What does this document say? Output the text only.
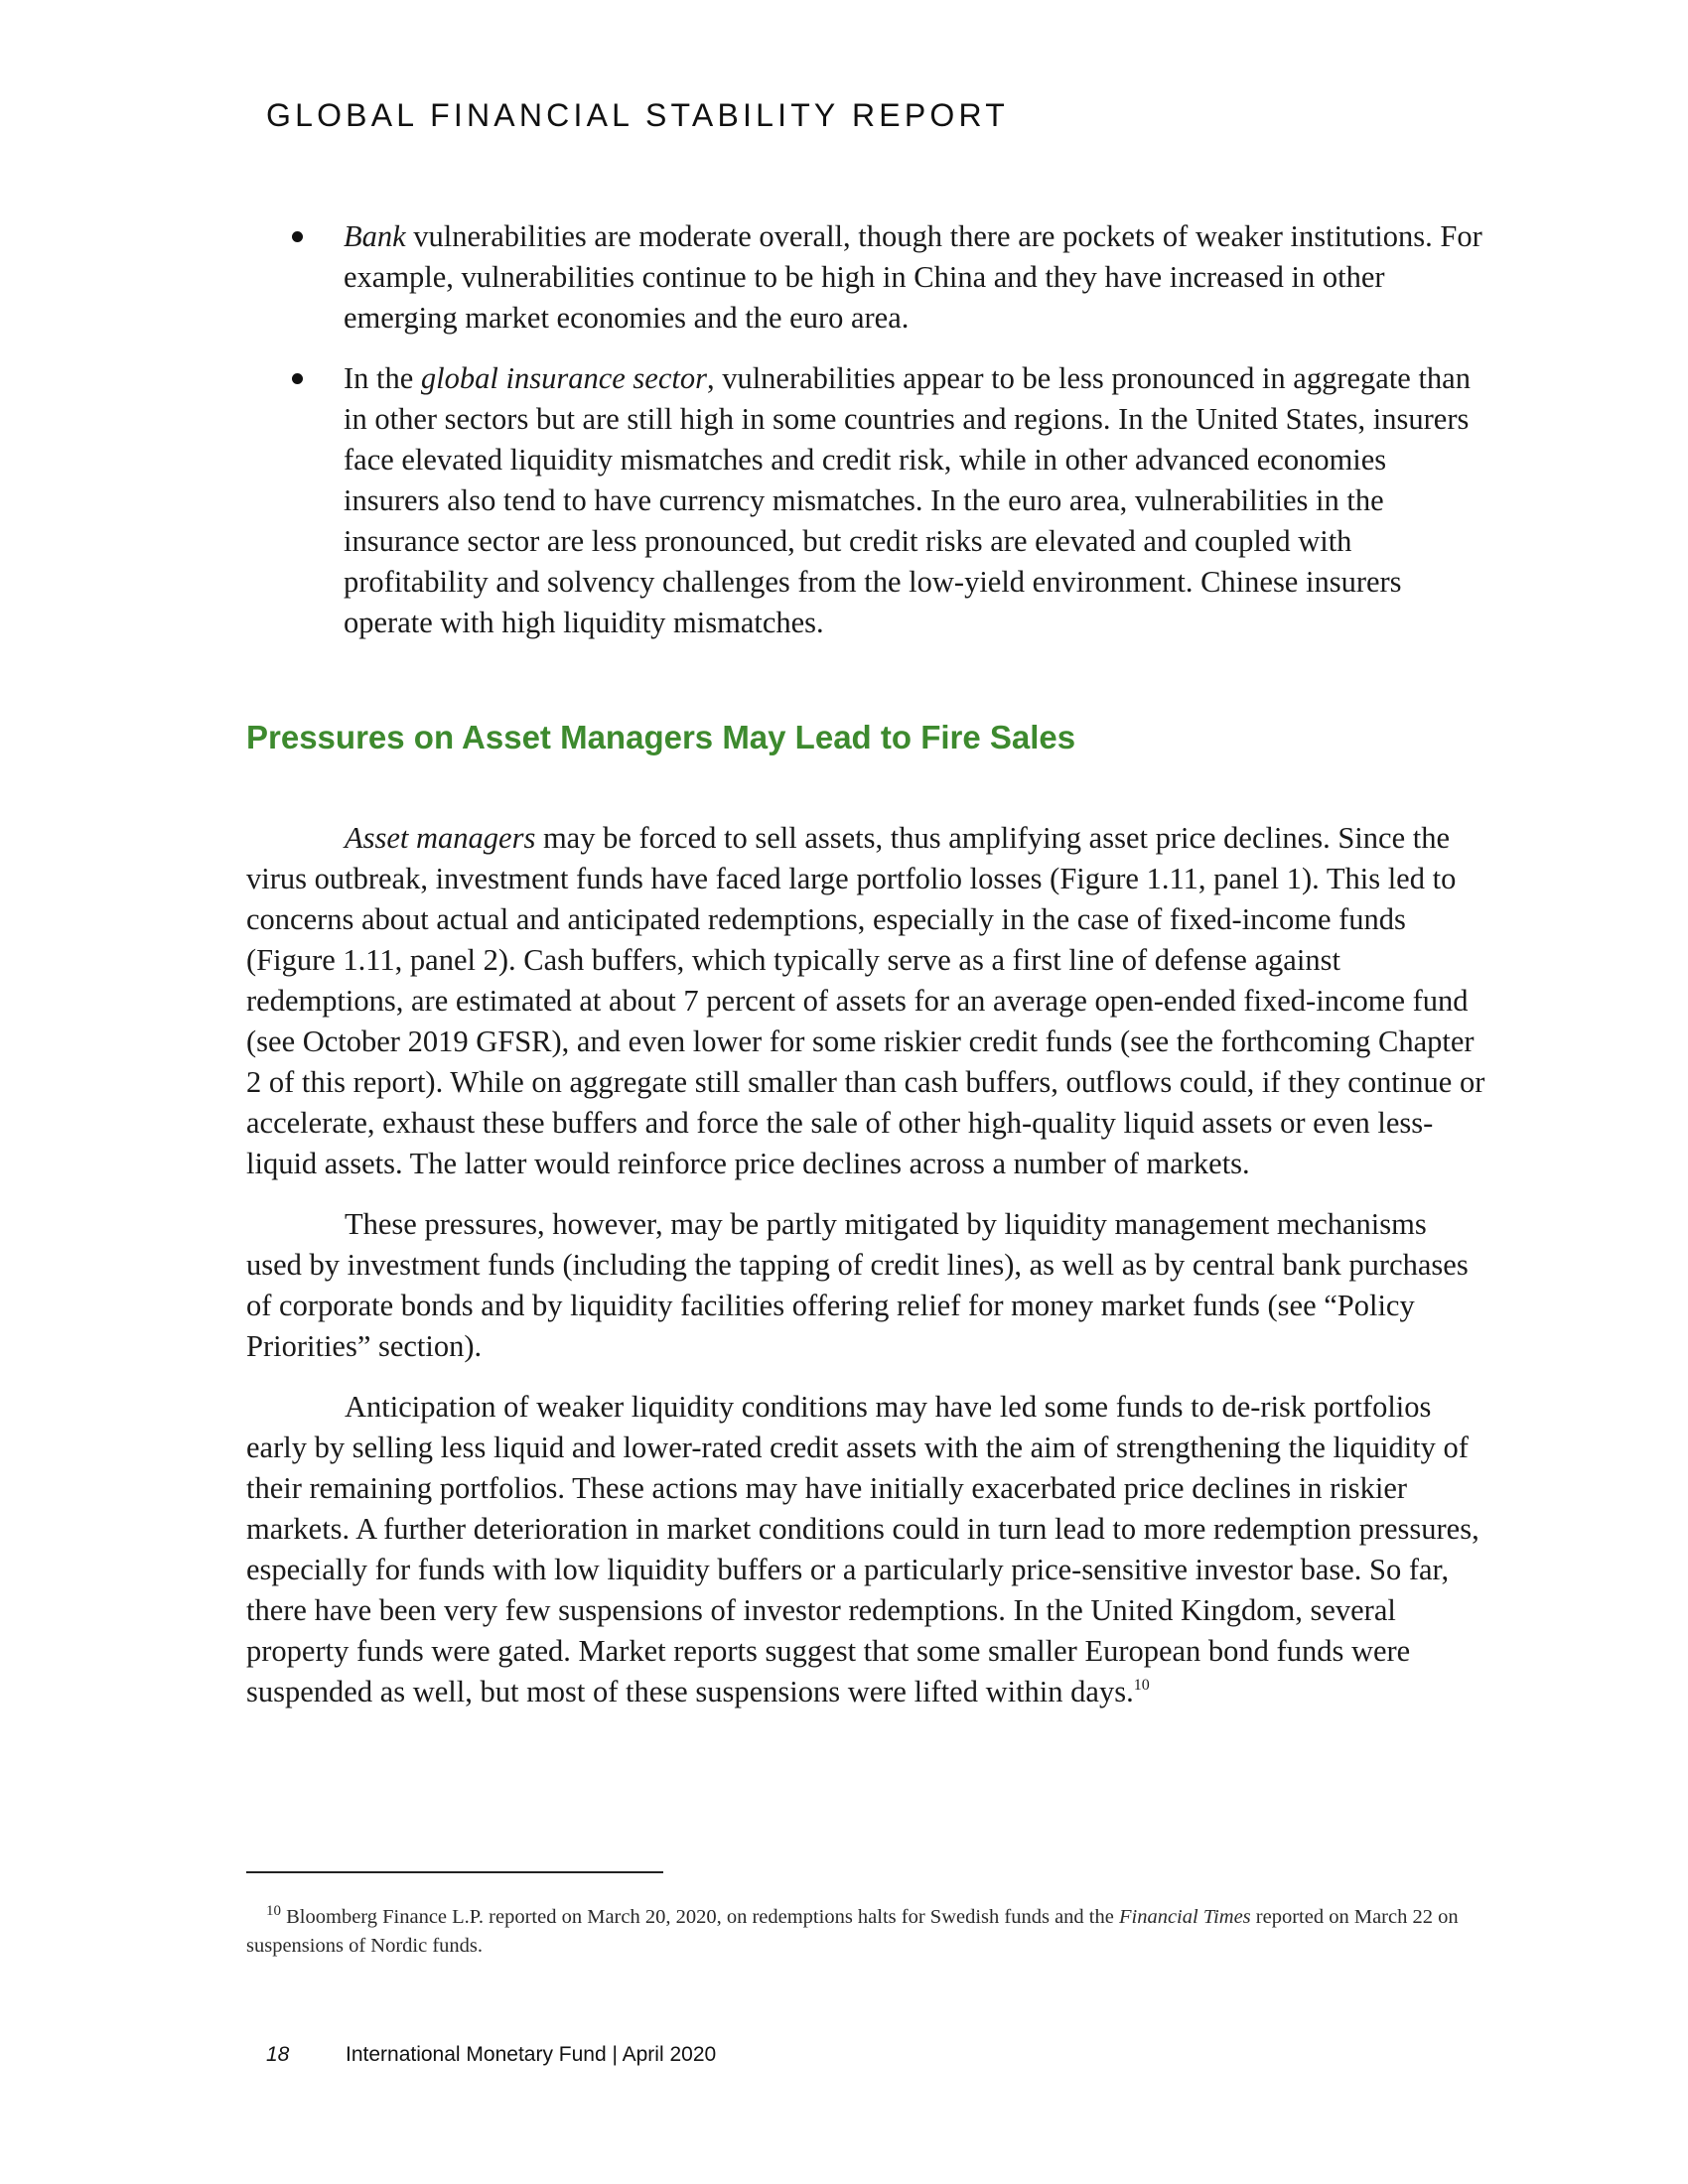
GLOBAL FINANCIAL STABILITY REPORT
Bank vulnerabilities are moderate overall, though there are pockets of weaker institutions. For example, vulnerabilities continue to be high in China and they have increased in other emerging market economies and the euro area.
In the global insurance sector, vulnerabilities appear to be less pronounced in aggregate than in other sectors but are still high in some countries and regions. In the United States, insurers face elevated liquidity mismatches and credit risk, while in other advanced economies insurers also tend to have currency mismatches. In the euro area, vulnerabilities in the insurance sector are less pronounced, but credit risks are elevated and coupled with profitability and solvency challenges from the low-yield environment. Chinese insurers operate with high liquidity mismatches.
Pressures on Asset Managers May Lead to Fire Sales

Asset managers may be forced to sell assets, thus amplifying asset price declines. Since the virus outbreak, investment funds have faced large portfolio losses (Figure 1.11, panel 1). This led to concerns about actual and anticipated redemptions, especially in the case of fixed-income funds (Figure 1.11, panel 2). Cash buffers, which typically serve as a first line of defense against redemptions, are estimated at about 7 percent of assets for an average open-ended fixed-income fund (see October 2019 GFSR), and even lower for some riskier credit funds (see the forthcoming Chapter 2 of this report). While on aggregate still smaller than cash buffers, outflows could, if they continue or accelerate, exhaust these buffers and force the sale of other high-quality liquid assets or even less-liquid assets. The latter would reinforce price declines across a number of markets.

These pressures, however, may be partly mitigated by liquidity management mechanisms used by investment funds (including the tapping of credit lines), as well as by central bank purchases of corporate bonds and by liquidity facilities offering relief for money market funds (see “Policy Priorities” section).

Anticipation of weaker liquidity conditions may have led some funds to de-risk portfolios early by selling less liquid and lower-rated credit assets with the aim of strengthening the liquidity of their remaining portfolios. These actions may have initially exacerbated price declines in riskier markets. A further deterioration in market conditions could in turn lead to more redemption pressures, especially for funds with low liquidity buffers or a particularly price-sensitive investor base. So far, there have been very few suspensions of investor redemptions. In the United Kingdom, several property funds were gated. Market reports suggest that some smaller European bond funds were suspended as well, but most of these suspensions were lifted within days.$^{10}$

$^{10}$ Bloomberg Finance L.P. reported on March 20, 2020, on redemptions halts for Swedish funds and the Financial Times reported on March 22 on suspensions of Nordic funds.
18	International Monetary Fund | April 2020
